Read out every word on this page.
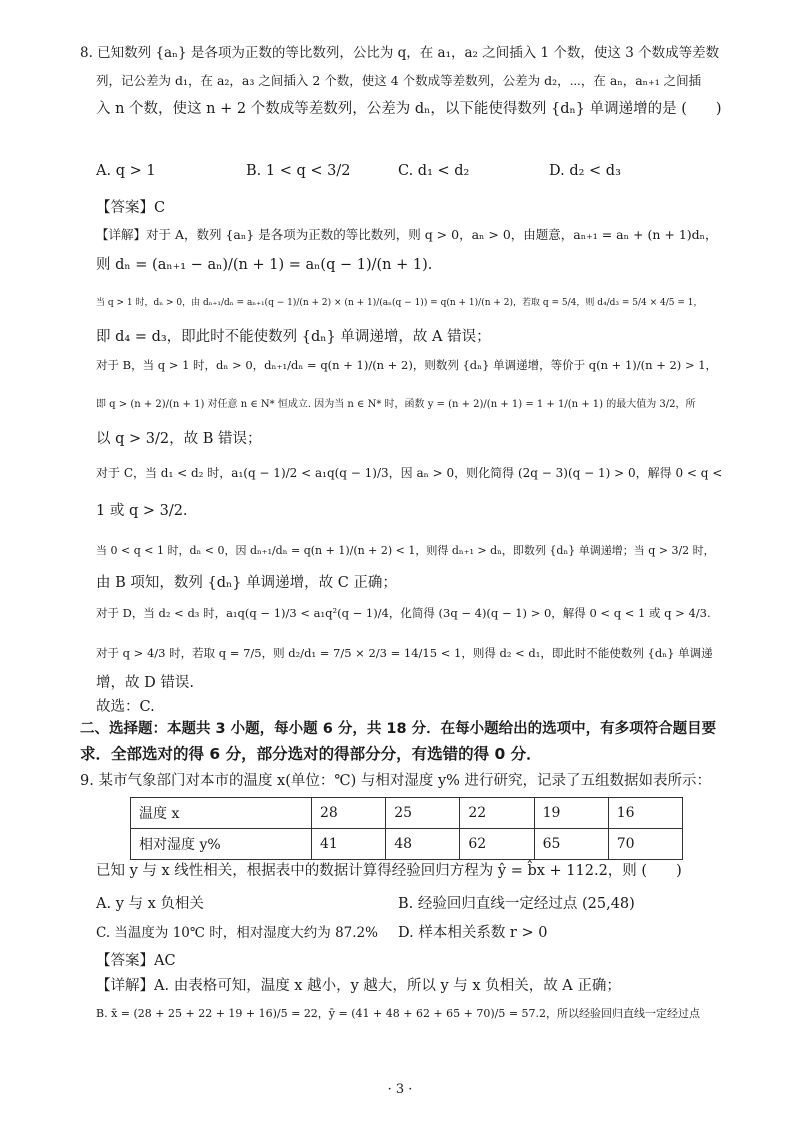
8. 已知数列 {aₙ} 是各项为正数的等比数列，公比为 q，在 a₁，a₂ 之间插入 1 个数，使这 3 个数成等差数
列，记公差为 d₁，在 a₂，a₃ 之间插入 2 个数，使这 4 个数成等差数列，公差为 d₂，⋯，在 aₙ，aₙ₊₁ 之间插
入 n 个数，使这 n + 2 个数成等差数列，公差为 dₙ，以下能使得数列 {dₙ} 单调递增的是 (　　)
A. q > 1	B. 1 < q < 3/2	C. d₁ < d₂	D. d₂ < d₃
【答案】C
【详解】对于 A，数列 {aₙ} 是各项为正数的等比数列，则 q > 0，aₙ > 0，由题意，aₙ₊₁ = aₙ + (n + 1)dₙ，
则 dₙ = (aₙ₊₁ − aₙ)/(n + 1) = aₙ(q − 1)/(n + 1).
当 q > 1 时，dₙ > 0，由 dₙ₊₁/dₙ = aₙ₊₁(q − 1)/(n + 2) × (n + 1)/(aₙ(q − 1)) = q(n + 1)/(n + 2)，若取 q = 5/4，则 d₄/d₃ = 5/4 × 4/5 = 1，
即 d₄ = d₃，即此时不能使数列 {dₙ} 单调递增，故 A 错误；
对于 B，当 q > 1 时，dₙ > 0，dₙ₊₁/dₙ = q(n + 1)/(n + 2)，则数列 {dₙ} 单调递增，等价于 q(n + 1)/(n + 2) > 1，
即 q > (n + 2)/(n + 1) 对任意 n ∈ N* 恒成立. 因为当 n ∈ N* 时，函数 y = (n + 2)/(n + 1) = 1 + 1/(n + 1) 的最大值为 3/2，所
以 q > 3/2，故 B 错误；
对于 C，当 d₁ < d₂ 时，a₁(q − 1)/2 < a₁q(q − 1)/3，因 aₙ > 0，则化简得 (2q − 3)(q − 1) > 0，解得 0 < q <
1 或 q > 3/2.
当 0 < q < 1 时，dₙ < 0，因 dₙ₊₁/dₙ = q(n + 1)/(n + 2) < 1，则得 dₙ₊₁ > dₙ，即数列 {dₙ} 单调递增；当 q > 3/2 时，
由 B 项知，数列 {dₙ} 单调递增，故 C 正确；
对于 D，当 d₂ < d₃ 时，a₁q(q − 1)/3 < a₁q²(q − 1)/4，化简得 (3q − 4)(q − 1) > 0，解得 0 < q < 1 或 q > 4/3.
对于 q > 4/3 时，若取 q = 7/5，则 d₂/d₁ = 7/5 × 2/3 = 14/15 < 1，则得 d₂ < d₁，即此时不能使数列 {dₙ} 单调递
增，故 D 错误.
故选：C.
二、选择题：本题共 3 小题，每小题 6 分，共 18 分．在每小题给出的选项中，有多项符合题目要
求．全部选对的得 6 分，部分选对的得部分分，有选错的得 0 分．
9. 某市气象部门对本市的温度 x(单位：℃) 与相对湿度 y% 进行研究，记录了五组数据如表所示：
温度 x	28	25	22	19	16
相对湿度 y%	41	48	62	65	70
已知 y 与 x 线性相关，根据表中的数据计算得经验回归方程为 ŷ = b̂x + 112.2，则 (　　)
A. y 与 x 负相关	B. 经验回归直线一定经过点 (25,48)
C. 当温度为 10℃ 时，相对湿度大约为 87.2% D. 样本相关系数 r > 0
【答案】AC
【详解】A. 由表格可知，温度 x 越小，y 越大，所以 y 与 x 负相关，故 A 正确；
B. x̄ = (28 + 25 + 22 + 19 + 16)/5 = 22，ȳ = (41 + 48 + 62 + 65 + 70)/5 = 57.2，所以经验回归直线一定经过点
· 3 ·
